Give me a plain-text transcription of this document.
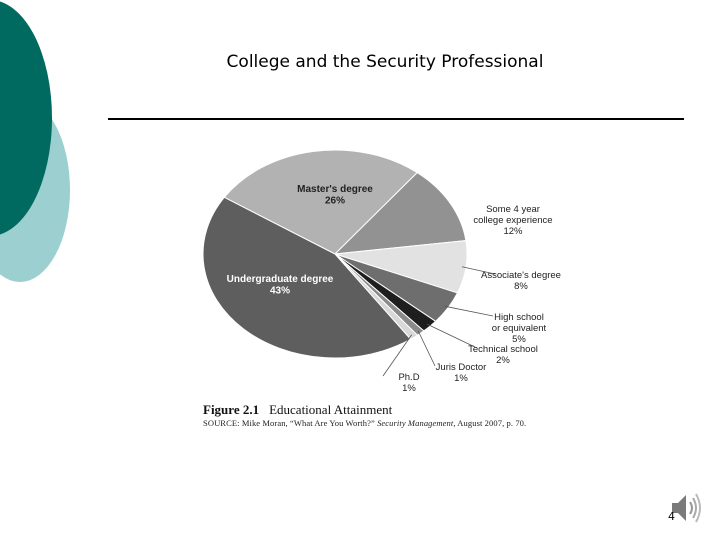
College and the Security Professional
Master's degree
26%
Some 4 year
college experience
12%
Associate's degree
8%
High school
or equivalent
5%
Technical school
2%
Juris Doctor
1%
Ph.D
1%
Undergraduate degree
43%
Figure 2.1 Educational Attainment
SOURCE: Mike Moran, “What Are You Worth?” Security Management, August 2007, p. 70.
4
